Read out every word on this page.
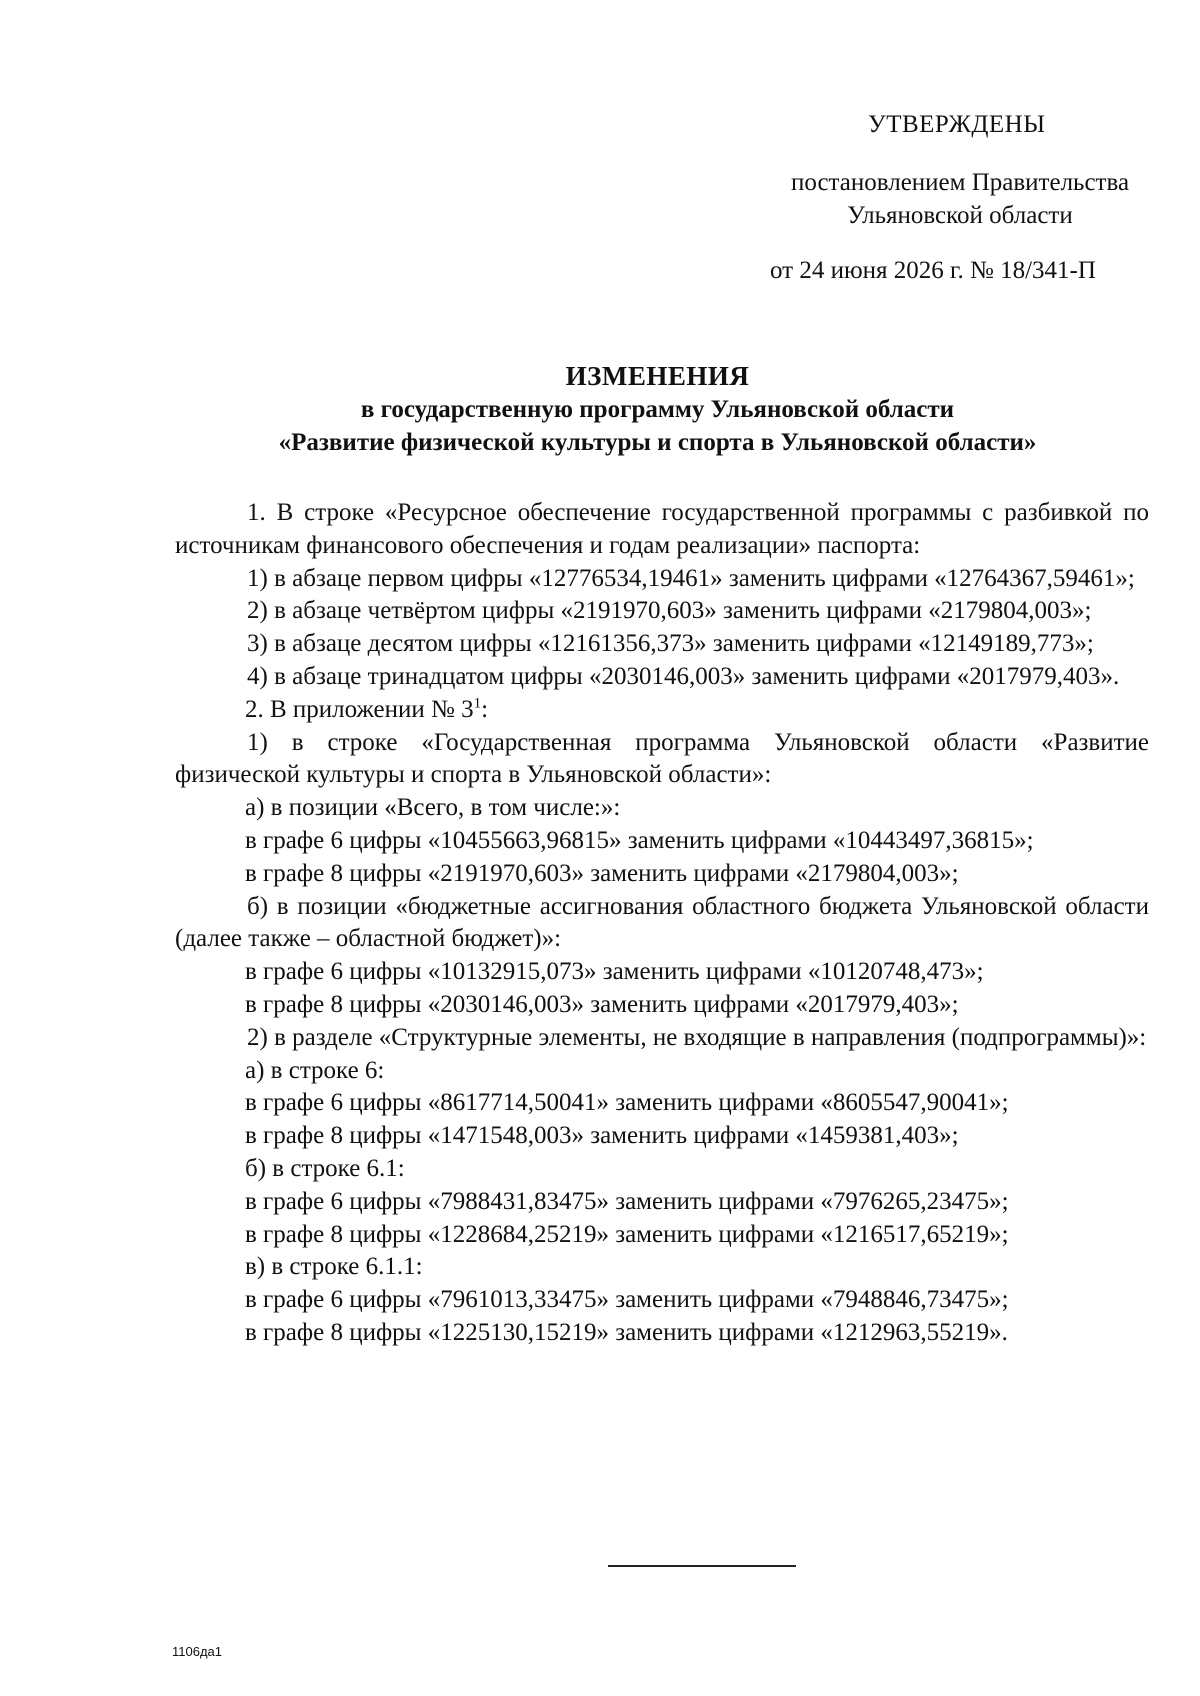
УТВЕРЖДЕНЫ
постановлением Правительства
Ульяновской области
от 24 июня 2026 г. № 18/341-П
ИЗМЕНЕНИЯ
в государственную программу Ульяновской области
«Развитие физической культуры и спорта в Ульяновской области»

1. В строке «Ресурсное обеспечение государственной программы с разбивкой по источникам финансового обеспечения и годам реализации» паспорта:

1) в абзаце первом цифры «12776534,19461» заменить цифрами «12764367,59461»;

2) в абзаце четвёртом цифры «2191970,603» заменить цифрами «2179804,003»;

3) в абзаце десятом цифры «12161356,373» заменить цифрами «12149189,773»;

4) в абзаце тринадцатом цифры «2030146,003» заменить цифрами «2017979,403».

2. В приложении № $3^1$:

1) в строке «Государственная программа Ульяновской области «Развитие физической культуры и спорта в Ульяновской области»:

а) в позиции «Всего, в том числе:»:

в графе 6 цифры «10455663,96815» заменить цифрами «10443497,36815»;

в графе 8 цифры «2191970,603» заменить цифрами «2179804,003»;

б) в позиции «бюджетные ассигнования областного бюджета Ульяновской области (далее также – областной бюджет)»:

в графе 6 цифры «10132915,073» заменить цифрами «10120748,473»;

в графе 8 цифры «2030146,003» заменить цифрами «2017979,403»;

2) в разделе «Структурные элементы, не входящие в направления (подпрограммы)»:

а) в строке 6:

в графе 6 цифры «8617714,50041» заменить цифрами «8605547,90041»;

в графе 8 цифры «1471548,003» заменить цифрами «1459381,403»;

б) в строке 6.1:

в графе 6 цифры «7988431,83475» заменить цифрами «7976265,23475»;

в графе 8 цифры «1228684,25219» заменить цифрами «1216517,65219»;

в) в строке 6.1.1:

в графе 6 цифры «7961013,33475» заменить цифрами «7948846,73475»;

в графе 8 цифры «1225130,15219» заменить цифрами «1212963,55219».

1106да1
